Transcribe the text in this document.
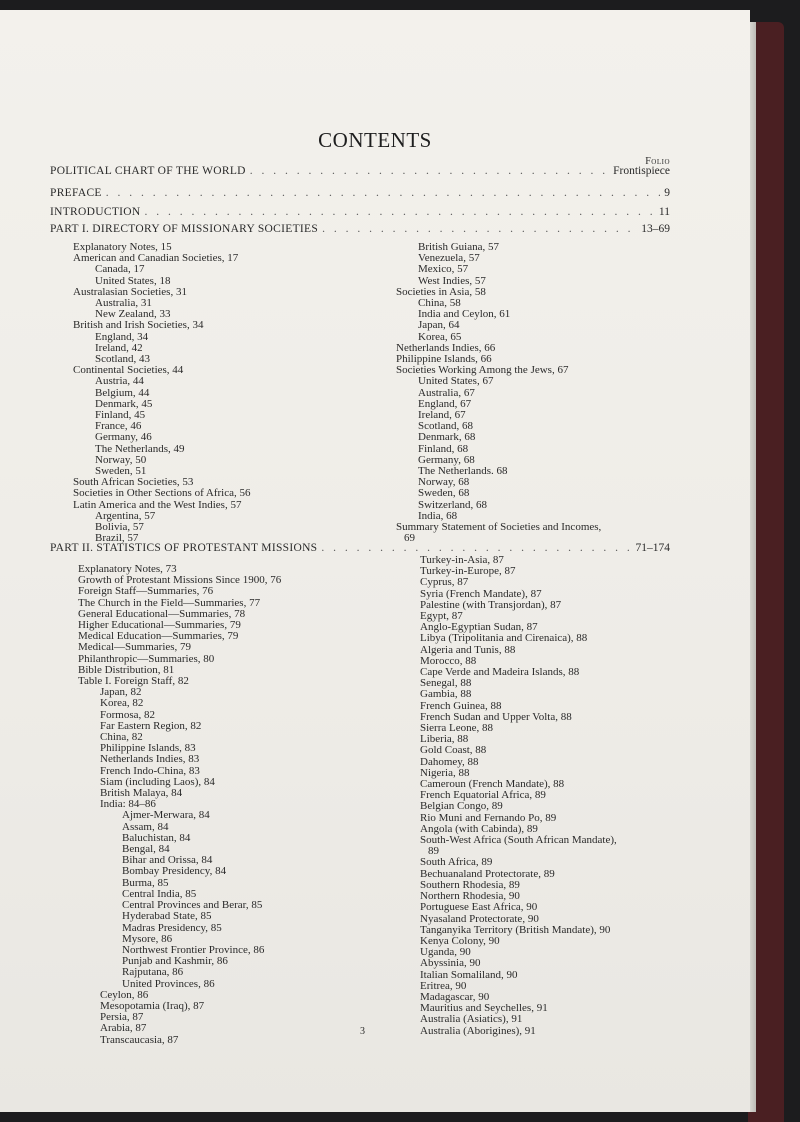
CONTENTS
Folio
POLITICAL CHART OF THE WORLD . . .	Frontispiece
PREFACE . . .	9
INTRODUCTION . . .	11
PART I. DIRECTORY OF MISSIONARY SOCIETIES . . .	13–69
Explanatory Notes, 15
American and Canadian Societies, 17
Canada, 17
United States, 18
Australasian Societies, 31
Australia, 31
New Zealand, 33
British and Irish Societies, 34
England, 34
Ireland, 42
Scotland, 43
Continental Societies, 44
Austria, 44
Belgium, 44
Denmark, 45
Finland, 45
France, 46
Germany, 46
The Netherlands, 49
Norway, 50
Sweden, 51
South African Societies, 53
Societies in Other Sections of Africa, 56
Latin America and the West Indies, 57
Argentina, 57
Bolivia, 57
Brazil, 57
British Guiana, 57
Venezuela, 57
Mexico, 57
West Indies, 57
Societies in Asia, 58
China, 58
India and Ceylon, 61
Japan, 64
Korea, 65
Netherlands Indies, 66
Philippine Islands, 66
Societies Working Among the Jews, 67
United States, 67
Australia, 67
England, 67
Ireland, 67
Scotland, 68
Denmark, 68
Finland, 68
Germany, 68
The Netherlands. 68
Norway, 68
Sweden, 68
Switzerland, 68
India, 68
Summary Statement of Societies and Incomes,
69
PART II. STATISTICS OF PROTESTANT MISSIONS . . .	71–174
Explanatory Notes, 73
Growth of Protestant Missions Since 1900, 76
Foreign Staff—Summaries, 76
The Church in the Field—Summaries, 77
General Educational—Summaries, 78
Higher Educational—Summaries, 79
Medical Education—Summaries, 79
Medical—Summaries, 79
Philanthropic—Summaries, 80
Bible Distribution, 81
Table I. Foreign Staff, 82
Japan, 82
Korea, 82
Formosa, 82
Far Eastern Region, 82
China, 82
Philippine Islands, 83
Netherlands Indies, 83
French Indo-China, 83
Siam (including Laos), 84
British Malaya, 84
India: 84–86
Ajmer-Merwara, 84
Assam, 84
Baluchistan, 84
Bengal, 84
Bihar and Orissa, 84
Bombay Presidency, 84
Burma, 85
Central India, 85
Central Provinces and Berar, 85
Hyderabad State, 85
Madras Presidency, 85
Mysore, 86
Northwest Frontier Province, 86
Punjab and Kashmir, 86
Rajputana, 86
United Provinces, 86
Ceylon, 86
Mesopotamia (Iraq), 87
Persia, 87
Arabia, 87
Transcaucasia, 87
Turkey-in-Asia, 87
Turkey-in-Europe, 87
Cyprus, 87
Syria (French Mandate), 87
Palestine (with Transjordan), 87
Egypt, 87
Anglo-Egyptian Sudan, 87
Libya (Tripolitania and Cirenaica), 88
Algeria and Tunis, 88
Morocco, 88
Cape Verde and Madeira Islands, 88
Senegal, 88
Gambia, 88
French Guinea, 88
French Sudan and Upper Volta, 88
Sierra Leone, 88
Liberia, 88
Gold Coast, 88
Dahomey, 88
Nigeria, 88
Cameroun (French Mandate), 88
French Equatorial Africa, 89
Belgian Congo, 89
Rio Muni and Fernando Po, 89
Angola (with Cabinda), 89
South-West Africa (South African Mandate),
89
South Africa, 89
Bechuanaland Protectorate, 89
Southern Rhodesia, 89
Northern Rhodesia, 90
Portuguese East Africa, 90
Nyasaland Protectorate, 90
Tanganyika Territory (British Mandate), 90
Kenya Colony, 90
Uganda, 90
Abyssinia, 90
Italian Somaliland, 90
Eritrea, 90
Madagascar, 90
Mauritius and Seychelles, 91
Australia (Asiatics), 91
Australia (Aborigines), 91
3
